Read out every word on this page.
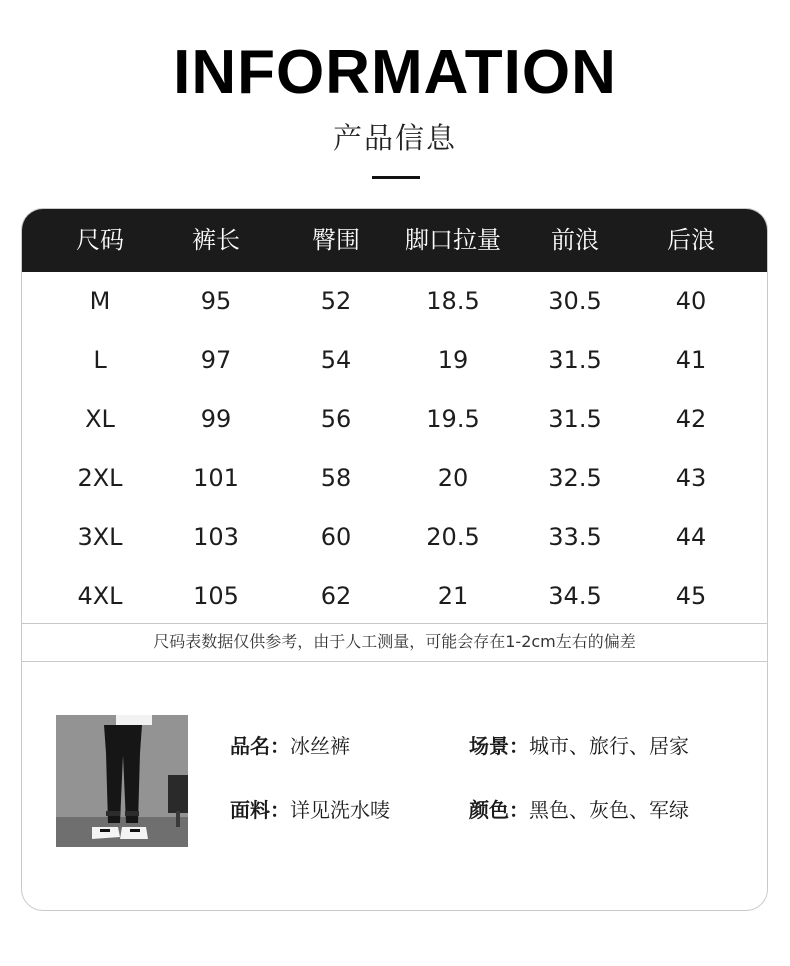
INFORMATION
产品信息
尺码	裤长	臀围	脚口拉量	前浪	后浪
M	95	52	18.5	30.5	40
L	97	54	19	31.5	41
XL	99	56	19.5	31.5	42
2XL	101	58	20	32.5	43
3XL	103	60	20.5	33.5	44
4XL	105	62	21	34.5	45
尺码表数据仅供参考，由于人工测量，可能会存在1-2cm左右的偏差
品名：冰丝裤	场景：城市、旅行、居家
面料：详见洗水唛	颜色：黑色、灰色、军绿
